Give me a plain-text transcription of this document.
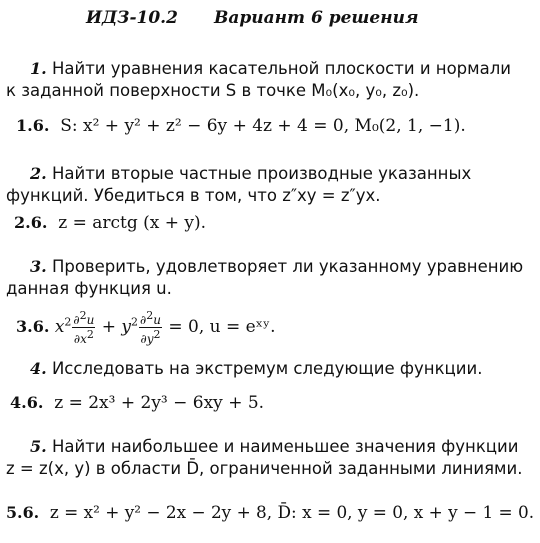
ИДЗ-10.2 Вариант 6 решения
1. Найти уравнения касательной плоскости и нормали
к заданной поверхности S в точке M₀(x₀, y₀, z₀).
1.6. S: x² + y² + z² − 6y + 4z + 4 = 0, M₀(2, 1, −1).
2. Найти вторые частные производные указанных
функций. Убедиться в том, что z″xy = z″yx.
2.6. z = arctg (x + y).
3. Проверить, удовлетворяет ли указанному уравнению
данная функция u.
3.6. $x^2 \frac{\partial^2u}{\partial x^2} + y^2 \frac{\partial^2u}{\partial y^2} = 0$, u = eˣʸ.
4. Исследовать на экстремум следующие функции.
4.6. z = 2x³ + 2y³ − 6xy + 5.
5. Найти наибольшее и наименьшее значения функции
z = z(x, y) в области D̄, ограниченной заданными линиями.
5.6. z = x² + y² − 2x − 2y + 8, D̄: x = 0, y = 0, x + y − 1 = 0.
